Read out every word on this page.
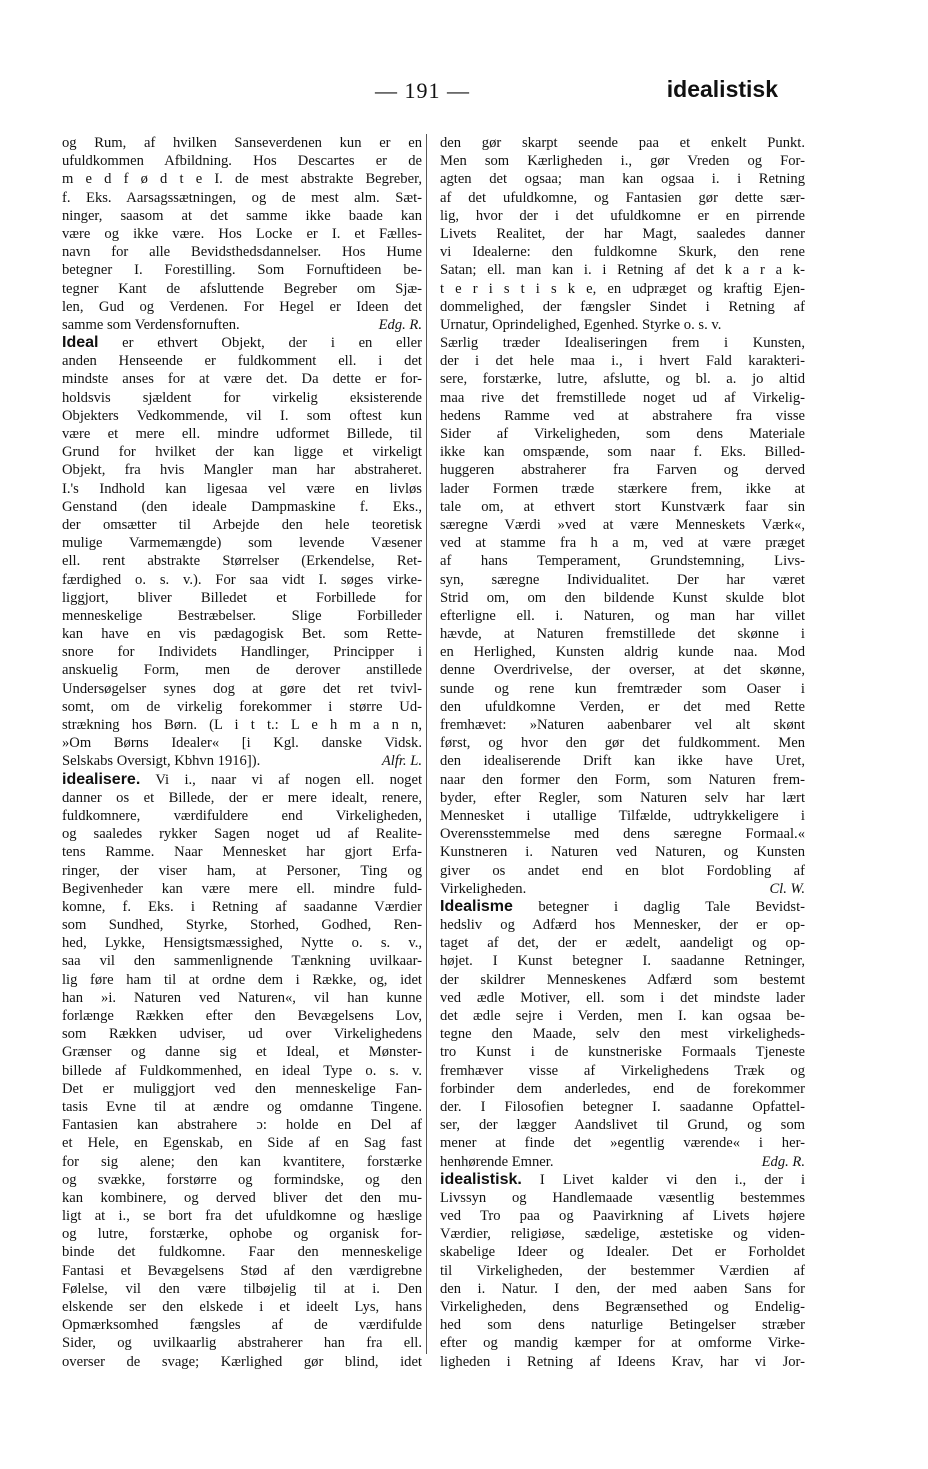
— 191 —	idealistisk
og Rum, af hvilken Sanseverdenen kun er en
ufuldkommen Afbildning. Hos Descartes er de
m e d f ø d t e I. de mest abstrakte Begreber,
f. Eks. Aarsagssætningen, og de mest alm. Sæt-
ninger, saasom at det samme ikke baade kan
være og ikke være. Hos Locke er I. et Fælles-
navn for alle Bevidsthedsdannelser. Hos Hume
betegner I. Forestilling. Som Fornuftideen be-
tegner Kant de afsluttende Begreber om Sjæ-
len, Gud og Verdenen. For Hegel er Ideen det
samme som Verdensfornuften.	Edg. R.
Ideal er ethvert Objekt, der i en eller
anden Henseende er fuldkomment ell. i det
mindste anses for at være det. Da dette er for-
holdsvis sjældent for virkelig eksisterende
Objekters Vedkommende, vil I. som oftest kun
være et mere ell. mindre udformet Billede, til
Grund for hvilket der kan ligge et virkeligt
Objekt, fra hvis Mangler man har abstraheret.
I.'s Indhold kan ligesaa vel være en livløs
Genstand (den ideale Dampmaskine f. Eks.,
der omsætter til Arbejde den hele teoretisk
mulige Varmemængde) som levende Væsener
ell. rent abstrakte Størrelser (Erkendelse, Ret-
færdighed o. s. v.). For saa vidt I. søges virke-
liggjort, bliver Billedet et Forbillede for
menneskelige Bestræbelser. Slige Forbilleder
kan have en vis pædagogisk Bet. som Rette-
snore for Individets Handlinger, Principper i
anskuelig Form, men de derover anstillede
Undersøgelser synes dog at gøre det ret tvivl-
somt, om de virkelig forekommer i større Ud-
strækning hos Børn. (L i t t.: L e h m a n n,
»Om Børns Idealer« [i Kgl. danske Vidsk.
Selskabs Oversigt, Kbhvn 1916]).	Alfr. L.
idealisere. Vi i., naar vi af nogen ell. noget
danner os et Billede, der er mere idealt, renere,
fuldkomnere, værdifuldere end Virkeligheden,
og saaledes rykker Sagen noget ud af Realite-
tens Ramme. Naar Mennesket har gjort Erfa-
ringer, der viser ham, at Personer, Ting og
Begivenheder kan være mere ell. mindre fuld-
komne, f. Eks. i Retning af saadanne Værdier
som Sundhed, Styrke, Storhed, Godhed, Ren-
hed, Lykke, Hensigtsmæssighed, Nytte o. s. v.,
saa vil den sammenlignende Tænkning uvilkaar-
lig føre ham til at ordne dem i Række, og, idet
han »i. Naturen ved Naturen«, vil han kunne
forlænge Rækken efter den Bevægelsens Lov,
som Rækken udviser, ud over Virkelighedens
Grænser og danne sig et Ideal, et Mønster-
billede af Fuldkommenhed, en ideal Type o. s. v.
Det er muliggjort ved den menneskelige Fan-
tasis Evne til at ændre og omdanne Tingene.
Fantasien kan abstrahere ɔ: holde en Del af
et Hele, en Egenskab, en Side af en Sag fast
for sig alene; den kan kvantitere, forstærke
og svække, forstørre og formindske, og den
kan kombinere, og derved bliver det den mu-
ligt at i., se bort fra det ufuldkomne og hæslige
og lutre, forstærke, ophobe og organisk for-
binde det fuldkomne. Faar den menneskelige
Fantasi et Bevægelsens Stød af den værdigrebne
Følelse, vil den være tilbøjelig til at i. Den
elskende ser den elskede i et ideelt Lys, hans
Opmærksomhed fængsles af de værdifulde
Sider, og uvilkaarlig abstraherer han fra ell.
overser de svage; Kærlighed gør blind, idet
den gør skarpt seende paa et enkelt Punkt.
Men som Kærligheden i., gør Vreden og For-
agten det ogsaa; man kan ogsaa i. i Retning
af det ufuldkomne, og Fantasien gør dette sær-
lig, hvor der i det ufuldkomne er en pirrende
Livets Realitet, der har Magt, saaledes danner
vi Idealerne: den fuldkomne Skurk, den rene
Satan; ell. man kan i. i Retning af det k a r a k-
t e r i s t i s k e, en udpræget og kraftig Ejen-
dommelighed, der fængsler Sindet i Retning af
Urnatur, Oprindelighed, Egenhed. Styrke o. s. v.
Særlig træder Idealiseringen frem i Kunsten,
der i det hele maa i., i hvert Fald karakteri-
sere, forstærke, lutre, afslutte, og bl. a. jo altid
maa rive det fremstillede noget ud af Virkelig-
hedens Ramme ved at abstrahere fra visse
Sider af Virkeligheden, som dens Materiale
ikke kan omspænde, som naar f. Eks. Billed-
huggeren abstraherer fra Farven og derved
lader Formen træde stærkere frem, ikke at
tale om, at ethvert stort Kunstværk faar sin
særegne Værdi »ved at være Menneskets Værk«,
ved at stamme fra h a m, ved at være præget
af hans Temperament, Grundstemning, Livs-
syn, særegne Individualitet. Der har været
Strid om, om den bildende Kunst skulde blot
efterligne ell. i. Naturen, og man har villet
hævde, at Naturen fremstillede det skønne i
en Herlighed, Kunsten aldrig kunde naa. Mod
denne Overdrivelse, der overser, at det skønne,
sunde og rene kun fremtræder som Oaser i
den ufuldkomne Verden, er det med Rette
fremhævet: »Naturen aabenbarer vel alt skønt
først, og hvor den gør det fuldkomment. Men
den idealiserende Drift kan ikke have Uret,
naar den former den Form, som Naturen frem-
byder, efter Regler, som Naturen selv har lært
Mennesket i utallige Tilfælde, udtrykkeligere i
Overensstemmelse med dens særegne Formaal.«
Kunstneren i. Naturen ved Naturen, og Kunsten
giver os andet end en blot Fordobling af
Virkeligheden.	Cl. W.
Idealisme betegner i daglig Tale Bevidst-
hedsliv og Adfærd hos Mennesker, der er op-
taget af det, der er ædelt, aandeligt og op-
højet. I Kunst betegner I. saadanne Retninger,
der skildrer Menneskenes Adfærd som bestemt
ved ædle Motiver, ell. som i det mindste lader
det ædle sejre i Verden, men I. kan ogsaa be-
tegne den Maade, selv den mest virkeligheds-
tro Kunst i de kunstneriske Formaals Tjeneste
fremhæver visse af Virkelighedens Træk og
forbinder dem anderledes, end de forekommer
der. I Filosofien betegner I. saadanne Opfattel-
ser, der lægger Aandslivet til Grund, og som
mener at finde det »egentlig værende« i her-
henhørende Emner.	Edg. R.
idealistisk. I Livet kalder vi den i., der i
Livssyn og Handlemaade væsentlig bestemmes
ved Tro paa og Paavirkning af Livets højere
Værdier, religiøse, sædelige, æstetiske og viden-
skabelige Ideer og Idealer. Det er Forholdet
til Virkeligheden, der bestemmer Værdien af
den i. Natur. I den, der med aaben Sans for
Virkeligheden, dens Begrænsethed og Endelig-
hed som dens naturlige Betingelser stræber
efter og mandig kæmper for at omforme Virke-
ligheden i Retning af Ideens Krav, har vi Jor-
